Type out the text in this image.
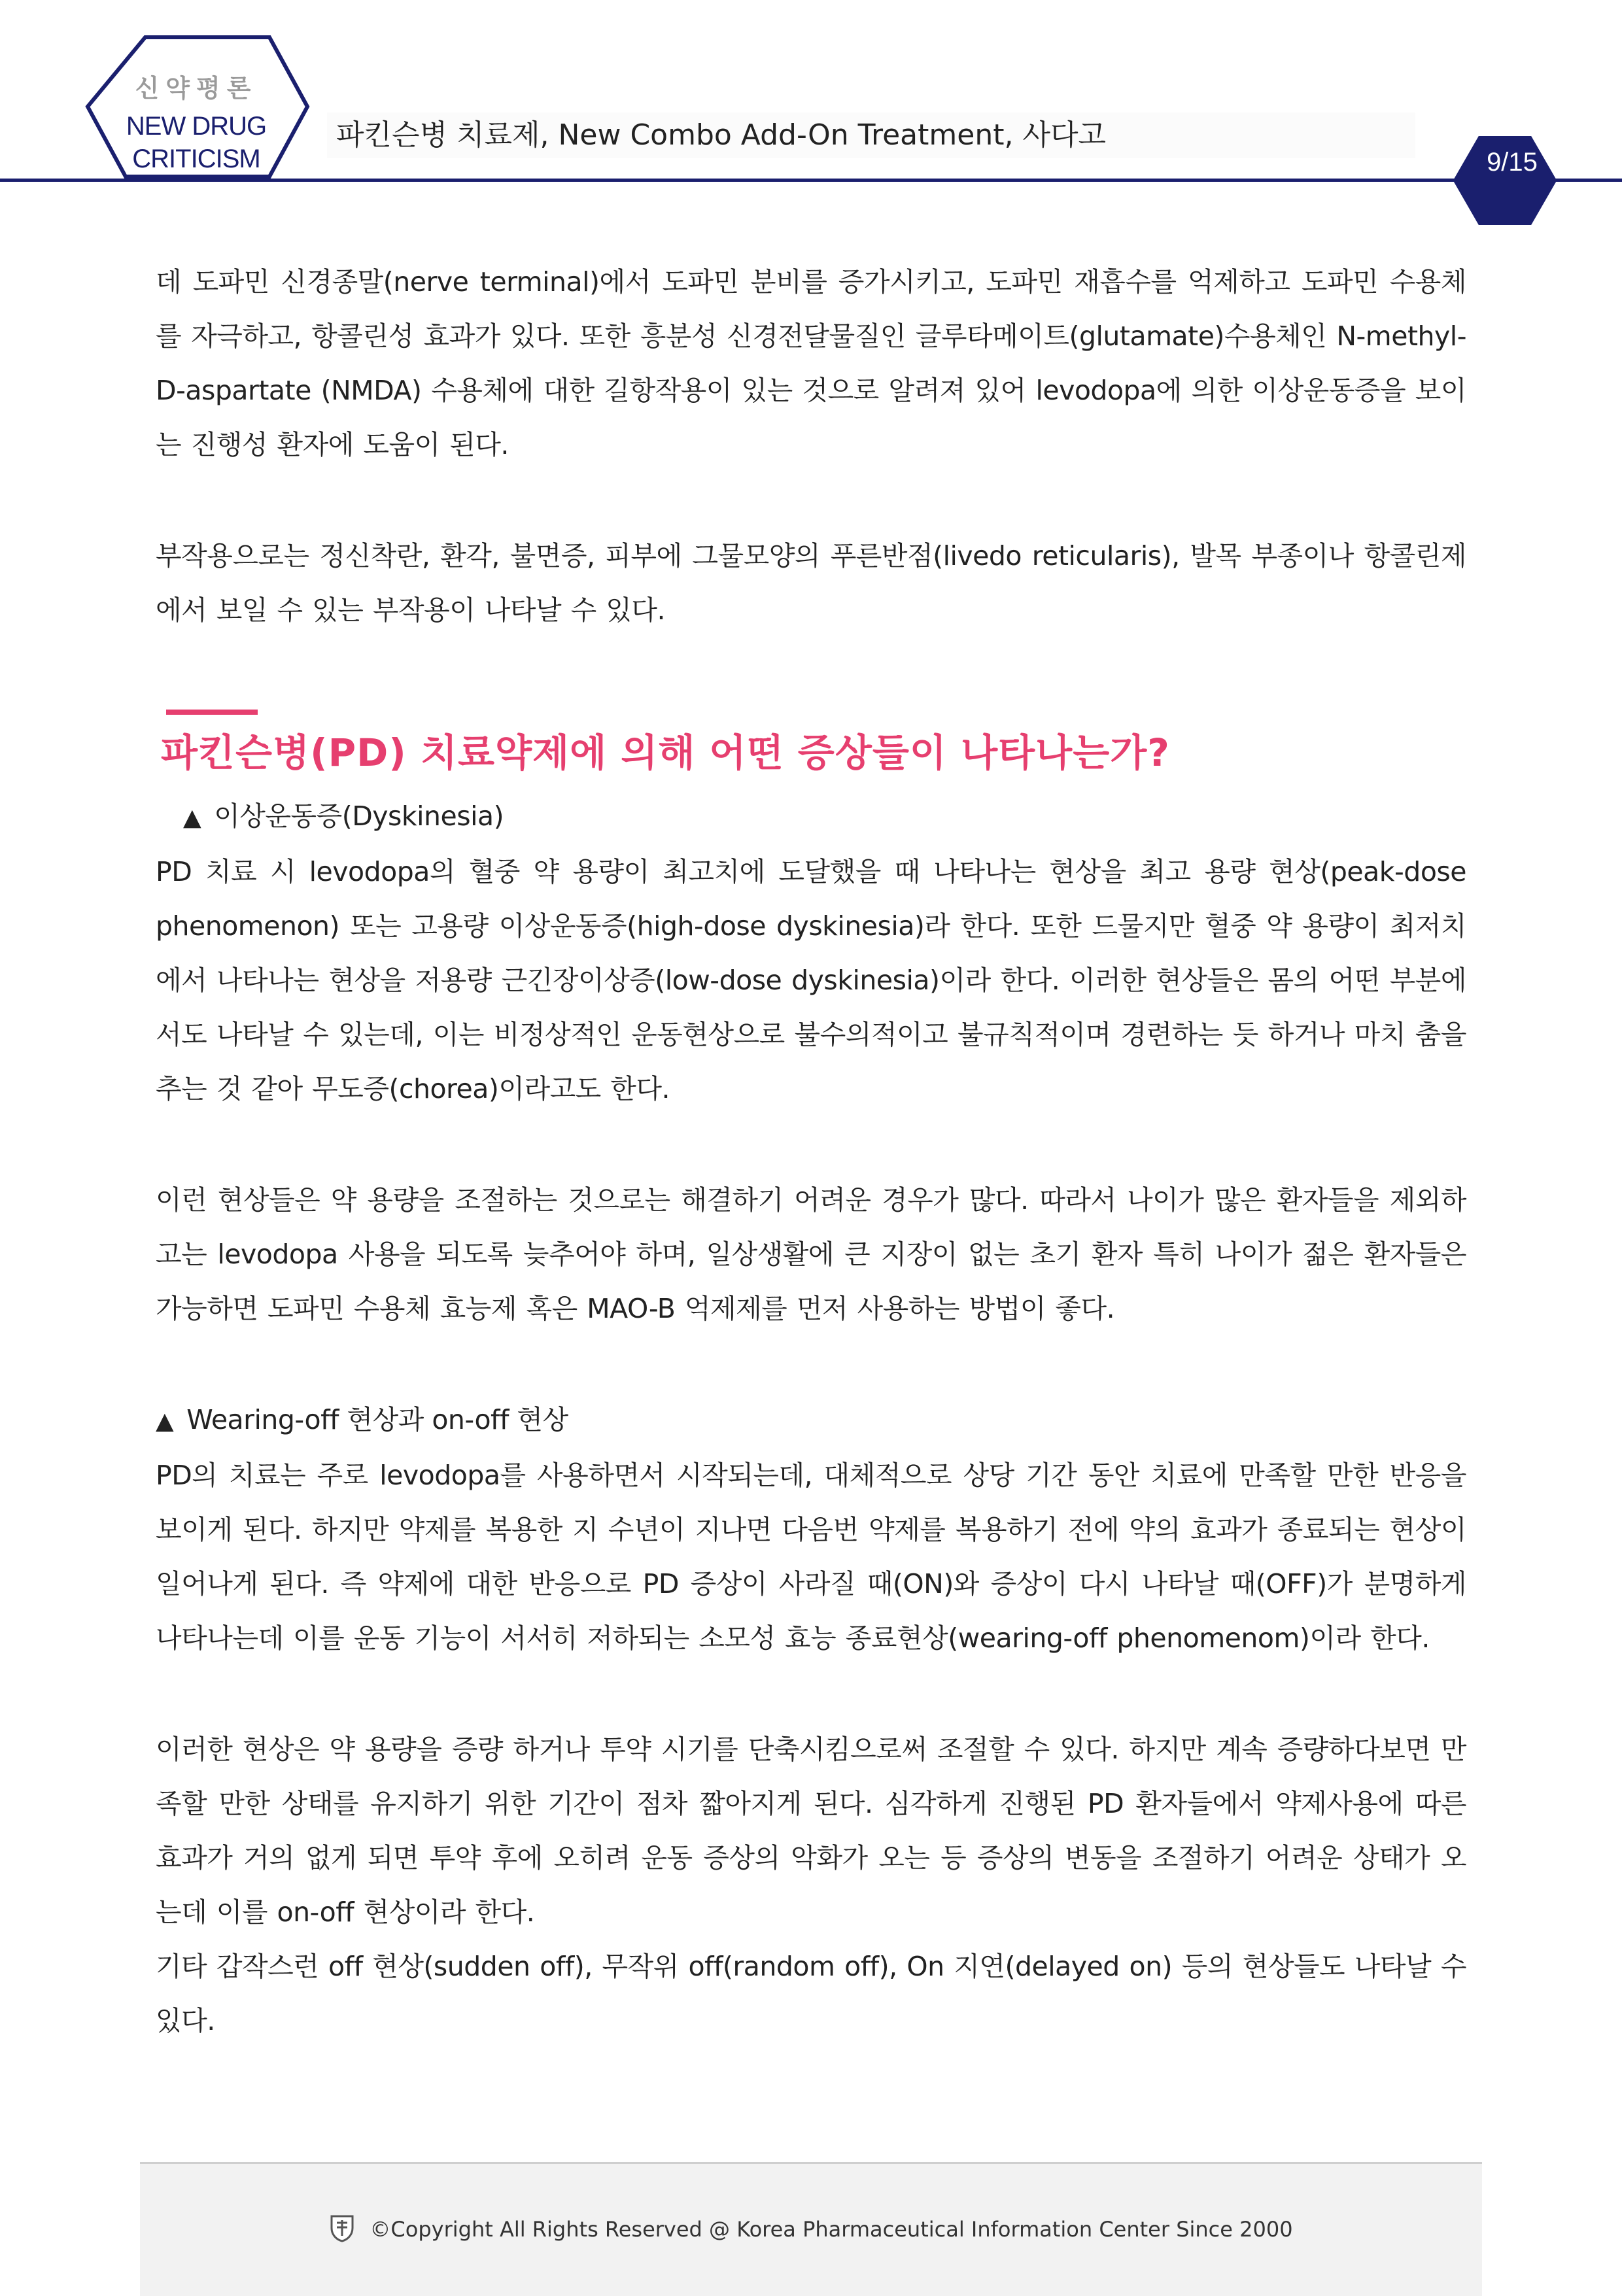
신약평론
NEW DRUG
CRITICISM
파킨슨병 치료제, New Combo Add-On Treatment, 사다고
9/15

데 도파민 신경종말(nerve terminal)에서 도파민 분비를 증가시키고, 도파민 재흡수를 억제하고 도파민 수용체를 자극하고, 항콜린성 효과가 있다. 또한 흥분성 신경전달물질인 글루타메이트(glutamate)수용체인 N-methyl-D-aspartate (NMDA) 수용체에 대한 길항작용이 있는 것으로 알려져 있어 levodopa에 의한 이상운동증을 보이는 진행성 환자에 도움이 된다.

부작용으로는 정신착란, 환각, 불면증, 피부에 그물모양의 푸른반점(livedo reticularis), 발목 부종이나 항콜린제에서 보일 수 있는 부작용이 나타날 수 있다.

파킨슨병(PD) 치료약제에 의해 어떤 증상들이 나타나는가?
▲ 이상운동증(Dyskinesia)

PD 치료 시 levodopa의 혈중 약 용량이 최고치에 도달했을 때 나타나는 현상을 최고 용량 현상(peak-dose phenomenon) 또는 고용량 이상운동증(high-dose dyskinesia)라 한다. 또한 드물지만 혈중 약 용량이 최저치에서 나타나는 현상을 저용량 근긴장이상증(low-dose dyskinesia)이라 한다. 이러한 현상들은 몸의 어떤 부분에서도 나타날 수 있는데, 이는 비정상적인 운동현상으로 불수의적이고 불규칙적이며 경련하는 듯 하거나 마치 춤을 추는 것 같아 무도증(chorea)이라고도 한다.

이런 현상들은 약 용량을 조절하는 것으로는 해결하기 어려운 경우가 많다. 따라서 나이가 많은 환자들을 제외하고는 levodopa 사용을 되도록 늦추어야 하며, 일상생활에 큰 지장이 없는 초기 환자 특히 나이가 젊은 환자들은 가능하면 도파민 수용체 효능제 혹은 MAO-B 억제제를 먼저 사용하는 방법이 좋다.

▲ Wearing-off 현상과 on-off 현상

PD의 치료는 주로 levodopa를 사용하면서 시작되는데, 대체적으로 상당 기간 동안 치료에 만족할 만한 반응을 보이게 된다. 하지만 약제를 복용한 지 수년이 지나면 다음번 약제를 복용하기 전에 약의 효과가 종료되는 현상이 일어나게 된다. 즉 약제에 대한 반응으로 PD 증상이 사라질 때(ON)와 증상이 다시 나타날 때(OFF)가 분명하게 나타나는데 이를 운동 기능이 서서히 저하되는 소모성 효능 종료현상(wearing-off phenomenom)이라 한다.

이러한 현상은 약 용량을 증량 하거나 투약 시기를 단축시킴으로써 조절할 수 있다. 하지만 계속 증량하다보면 만족할 만한 상태를 유지하기 위한 기간이 점차 짧아지게 된다. 심각하게 진행된 PD 환자들에서 약제사용에 따른 효과가 거의 없게 되면 투약 후에 오히려 운동 증상의 악화가 오는 등 증상의 변동을 조절하기 어려운 상태가 오는데 이를 on-off 현상이라 한다.

기타 갑작스런 off 현상(sudden off), 무작위 off(random off), On 지연(delayed on) 등의 현상들도 나타날 수 있다.

©Copyright All Rights Reserved @ Korea Pharmaceutical Information Center Since 2000
